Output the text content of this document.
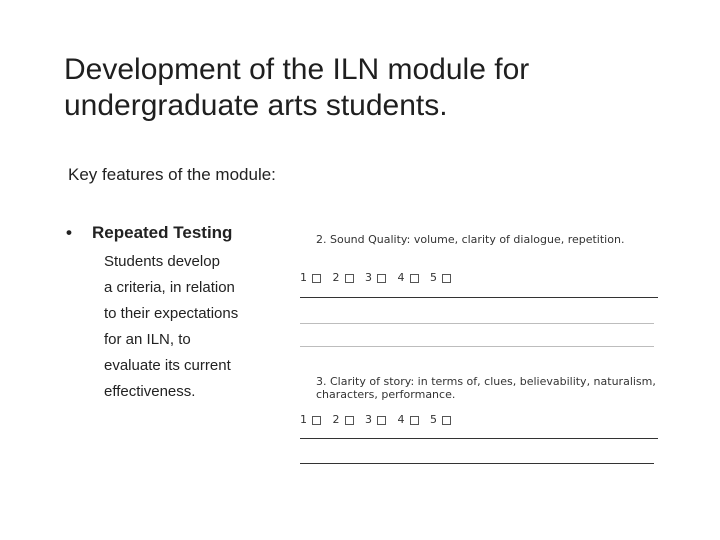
Development of the ILN module for
undergraduate arts students.
Key features of the module:
• Repeated Testing
Students develop
a criteria, in relation
to their expectations
for an ILN, to
evaluate its current
effectiveness.
2. Sound Quality: volume, clarity of dialogue, repetition.
1 2 3 4 5
3. Clarity of story: in terms of, clues, believability, naturalism, characters, performance.
1 2 3 4 5
